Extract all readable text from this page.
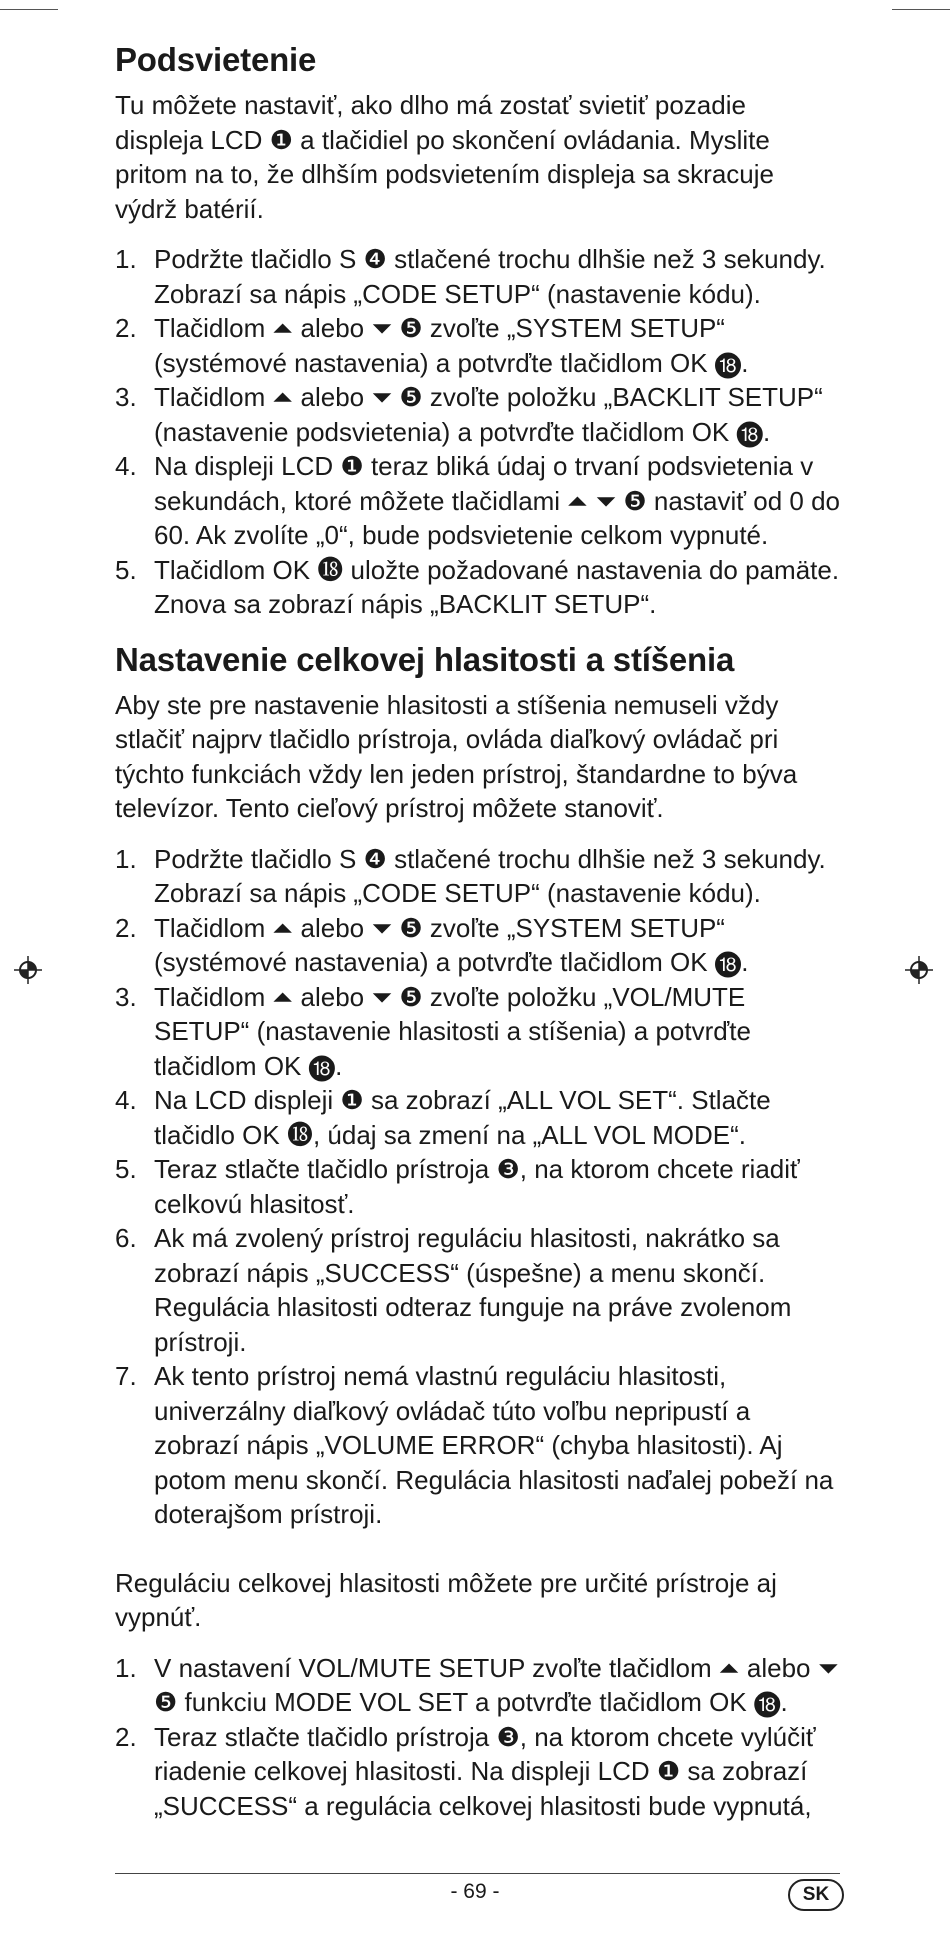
Podsvietenie

Tu môžete nastaviť, ako dlho má zostať svietiť pozadie displeja LCD ❶ a tlačidiel po skončení ovládania. Myslite pritom na to, že dlhším podsvietením displeja sa skracuje výdrž batérií.

1. Podržte tlačidlo S ❹ stlačené trochu dlhšie než 3 sekundy. Zobrazí sa nápis „CODE SETUP“ (nastavenie kódu).
2. Tlačidlom ⏶ alebo ⏷ ❺ zvoľte „SYSTEM SETUP“ (systémové nastavenia) a potvrďte tlačidlom OK ⓲.
3. Tlačidlom ⏶ alebo ⏷ ❺ zvoľte položku „BACKLIT SETUP“ (nastavenie podsvietenia) a potvrďte tlačidlom OK ⓲.
4. Na displeji LCD ❶ teraz bliká údaj o trvaní podsvietenia v sekundách, ktoré môžete tlačidlami ⏶ ⏷ ❺ nastaviť od 0 do 60. Ak zvolíte „0“, bude podsvietenie celkom vypnuté.
5. Tlačidlom OK ⓲ uložte požadované nastavenia do pamäte. Znova sa zobrazí nápis „BACKLIT SETUP“.
Nastavenie celkovej hlasitosti a stíšenia

Aby ste pre nastavenie hlasitosti a stíšenia nemuseli vždy stlačiť najprv tlačidlo prístroja, ovláda diaľkový ovládač pri týchto funkciách vždy len jeden prístroj, štandardne to býva televízor. Tento cieľový prístroj môžete stanoviť.

1. Podržte tlačidlo S ❹ stlačené trochu dlhšie než 3 sekundy. Zobrazí sa nápis „CODE SETUP“ (nastavenie kódu).
2. Tlačidlom ⏶ alebo ⏷ ❺ zvoľte „SYSTEM SETUP“ (systémové nastavenia) a potvrďte tlačidlom OK ⓲.
3. Tlačidlom ⏶ alebo ⏷ ❺ zvoľte položku „VOL/MUTE SETUP“ (nastavenie hlasitosti a stíšenia) a potvrďte tlačidlom OK ⓲.
4. Na LCD displeji ❶ sa zobrazí „ALL VOL SET“. Stlačte tlačidlo OK ⓲, údaj sa zmení na „ALL VOL MODE“.
5. Teraz stlačte tlačidlo prístroja ❸, na ktorom chcete riadiť celkovú hlasitosť.
6. Ak má zvolený prístroj reguláciu hlasitosti, nakrátko sa zobrazí nápis „SUCCESS“ (úspešne) a menu skončí. Regulácia hlasitosti odteraz funguje na práve zvolenom prístroji.
7. Ak tento prístroj nemá vlastnú reguláciu hlasitosti, univerzálny diaľkový ovládač túto voľbu nepripustí a zobrazí nápis „VOLUME ERROR“ (chyba hlasitosti). Aj potom menu skončí. Regulácia hlasitosti naďalej pobeží na doterajšom prístroji.

Reguláciu celkovej hlasitosti môžete pre určité prístroje aj vypnúť.

1. V nastavení VOL/MUTE SETUP zvoľte tlačidlom ⏶ alebo ⏷ ❺ funkciu MODE VOL SET a potvrďte tlačidlom OK ⓲.
2. Teraz stlačte tlačidlo prístroja ❸, na ktorom chcete vylúčiť riadenie celkovej hlasitosti. Na displeji LCD ❶ sa zobrazí „SUCCESS“ a regulácia celkovej hlasitosti bude vypnutá,
- 69 -	SK
